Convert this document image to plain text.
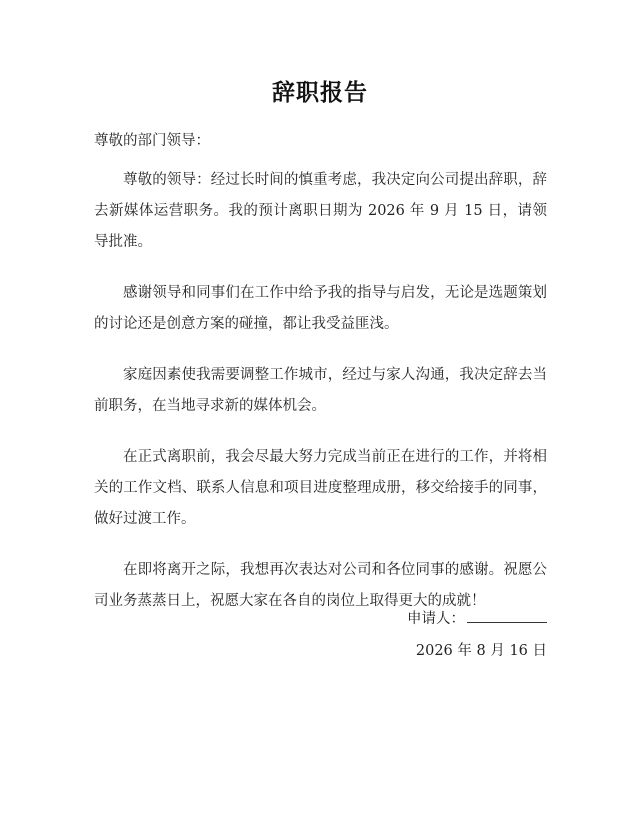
辞职报告
尊敬的部门领导：

尊敬的领导：经过长时间的慎重考虑，我决定向公司提出辞职，辞去新媒体运营职务。我的预计离职日期为 2026 年 9 月 15 日，请领导批准。

感谢领导和同事们在工作中给予我的指导与启发，无论是选题策划的讨论还是创意方案的碰撞，都让我受益匪浅。

家庭因素使我需要调整工作城市，经过与家人沟通，我决定辞去当前职务，在当地寻求新的媒体机会。

在正式离职前，我会尽最大努力完成当前正在进行的工作，并将相关的工作文档、联系人信息和项目进度整理成册，移交给接手的同事，做好过渡工作。

在即将离开之际，我想再次表达对公司和各位同事的感谢。祝愿公司业务蒸蒸日上，祝愿大家在各自的岗位上取得更大的成就！

申请人：
2026 年 8 月 16 日
